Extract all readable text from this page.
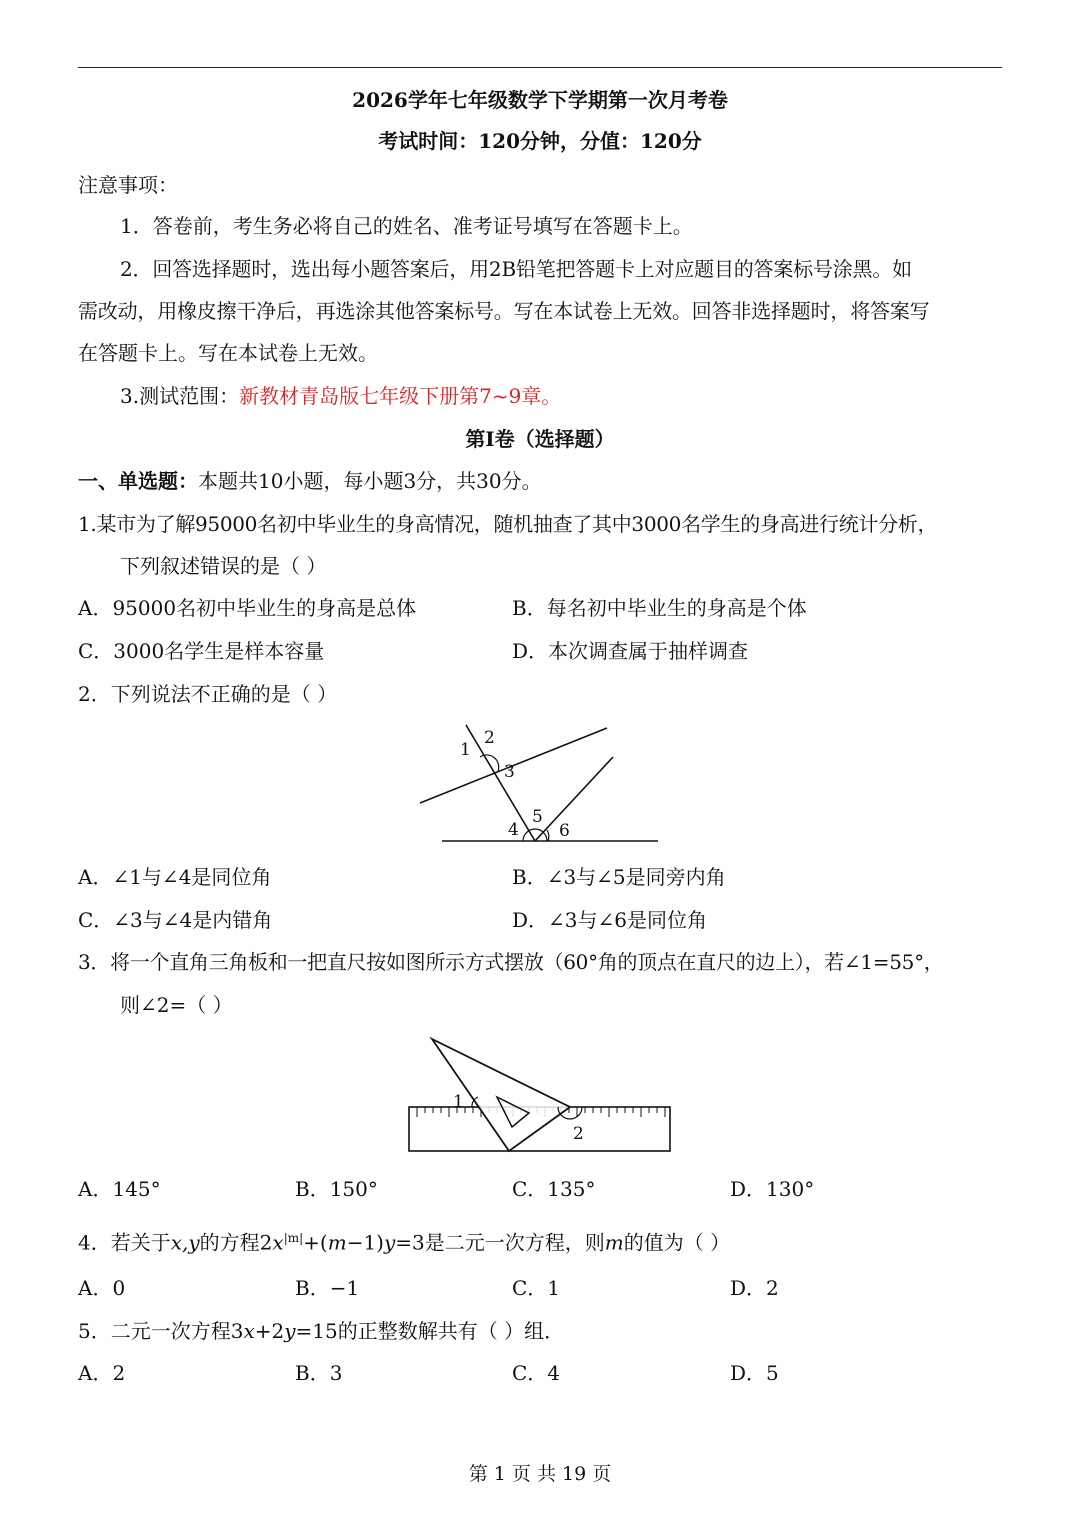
2026学年七年级数学下学期第一次月考卷
考试时间：120分钟，分值：120分
注意事项：
1．答卷前，考生务必将自己的姓名、准考证号填写在答题卡上。
2．回答选择题时，选出每小题答案后，用2B铅笔把答题卡上对应题目的答案标号涂黑。如
需改动，用橡皮擦干净后，再选涂其他答案标号。写在本试卷上无效。回答非选择题时，将答案写
在答题卡上。写在本试卷上无效。
3.测试范围：新教材青岛版七年级下册第7~9章。
第I卷（选择题）
一、单选题：本题共10小题，每小题3分，共30分。
1.某市为了解95000名初中毕业生的身高情况，随机抽查了其中3000名学生的身高进行统计分析，
下列叙述错误的是（ ）
A．95000名初中毕业生的身高是总体	B．每名初中毕业生的身高是个体
C．3000名学生是样本容量	D．本次调查属于抽样调查
2．下列说法不正确的是（ ）
1
2
3
4
5
6
A．∠1与∠4是同位角	B．∠3与∠5是同旁内角
C．∠3与∠4是内错角	D．∠3与∠6是同位角
3．将一个直角三角板和一把直尺按如图所示方式摆放（60°角的顶点在直尺的边上），若∠1=55°，
则∠2=（ ）
1
2
A．145°	B．150°	C．135°	D．130°
4．若关于x,y的方程$2x^{|m|}+(m-1)y=3$是二元一次方程，则m的值为（ ）
A．0	B．−1	C．1	D．2
5．二元一次方程3x+2y=15的正整数解共有（ ）组．
A．2	B．3	C．4	D．5
第 1 页 共 19 页
